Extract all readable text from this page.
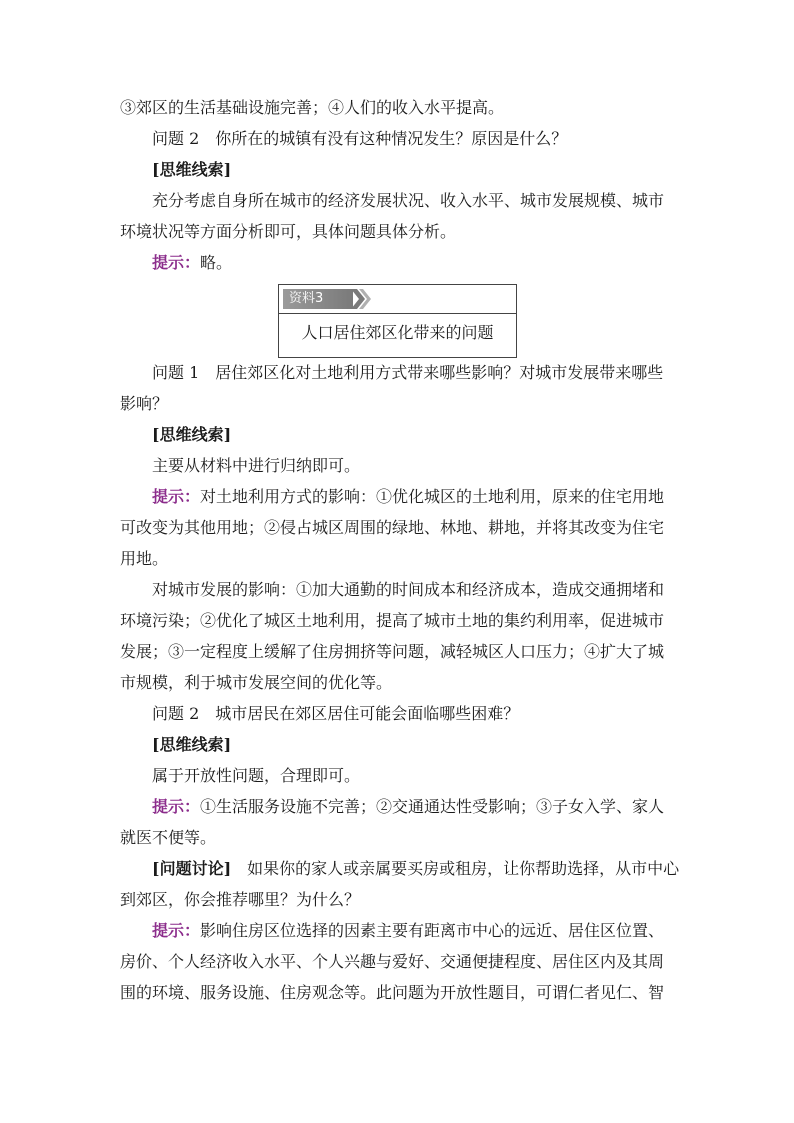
③郊区的生活基础设施完善；④人们的收入水平提高。
问题 2　你所在的城镇有没有这种情况发生？原因是什么？
[思维线索]
充分考虑自身所在城市的经济发展状况、收入水平、城市发展规模、城市
环境状况等方面分析即可，具体问题具体分析。
提示：略。
资料3
人口居住郊区化带来的问题
问题 1　居住郊区化对土地利用方式带来哪些影响？对城市发展带来哪些
影响？
[思维线索]
主要从材料中进行归纳即可。
提示：对土地利用方式的影响：①优化城区的土地利用，原来的住宅用地
可改变为其他用地；②侵占城区周围的绿地、林地、耕地，并将其改变为住宅
用地。
对城市发展的影响：①加大通勤的时间成本和经济成本，造成交通拥堵和
环境污染；②优化了城区土地利用，提高了城市土地的集约利用率，促进城市
发展；③一定程度上缓解了住房拥挤等问题，减轻城区人口压力；④扩大了城
市规模，利于城市发展空间的优化等。
问题 2　城市居民在郊区居住可能会面临哪些困难？
[思维线索]
属于开放性问题，合理即可。
提示：①生活服务设施不完善；②交通通达性受影响；③子女入学、家人
就医不便等。
[问题讨论]　如果你的家人或亲属要买房或租房，让你帮助选择，从市中心
到郊区，你会推荐哪里？为什么？
提示：影响住房区位选择的因素主要有距离市中心的远近、居住区位置、
房价、个人经济收入水平、个人兴趣与爱好、交通便捷程度、居住区内及其周
围的环境、服务设施、住房观念等。此问题为开放性题目，可谓仁者见仁、智
